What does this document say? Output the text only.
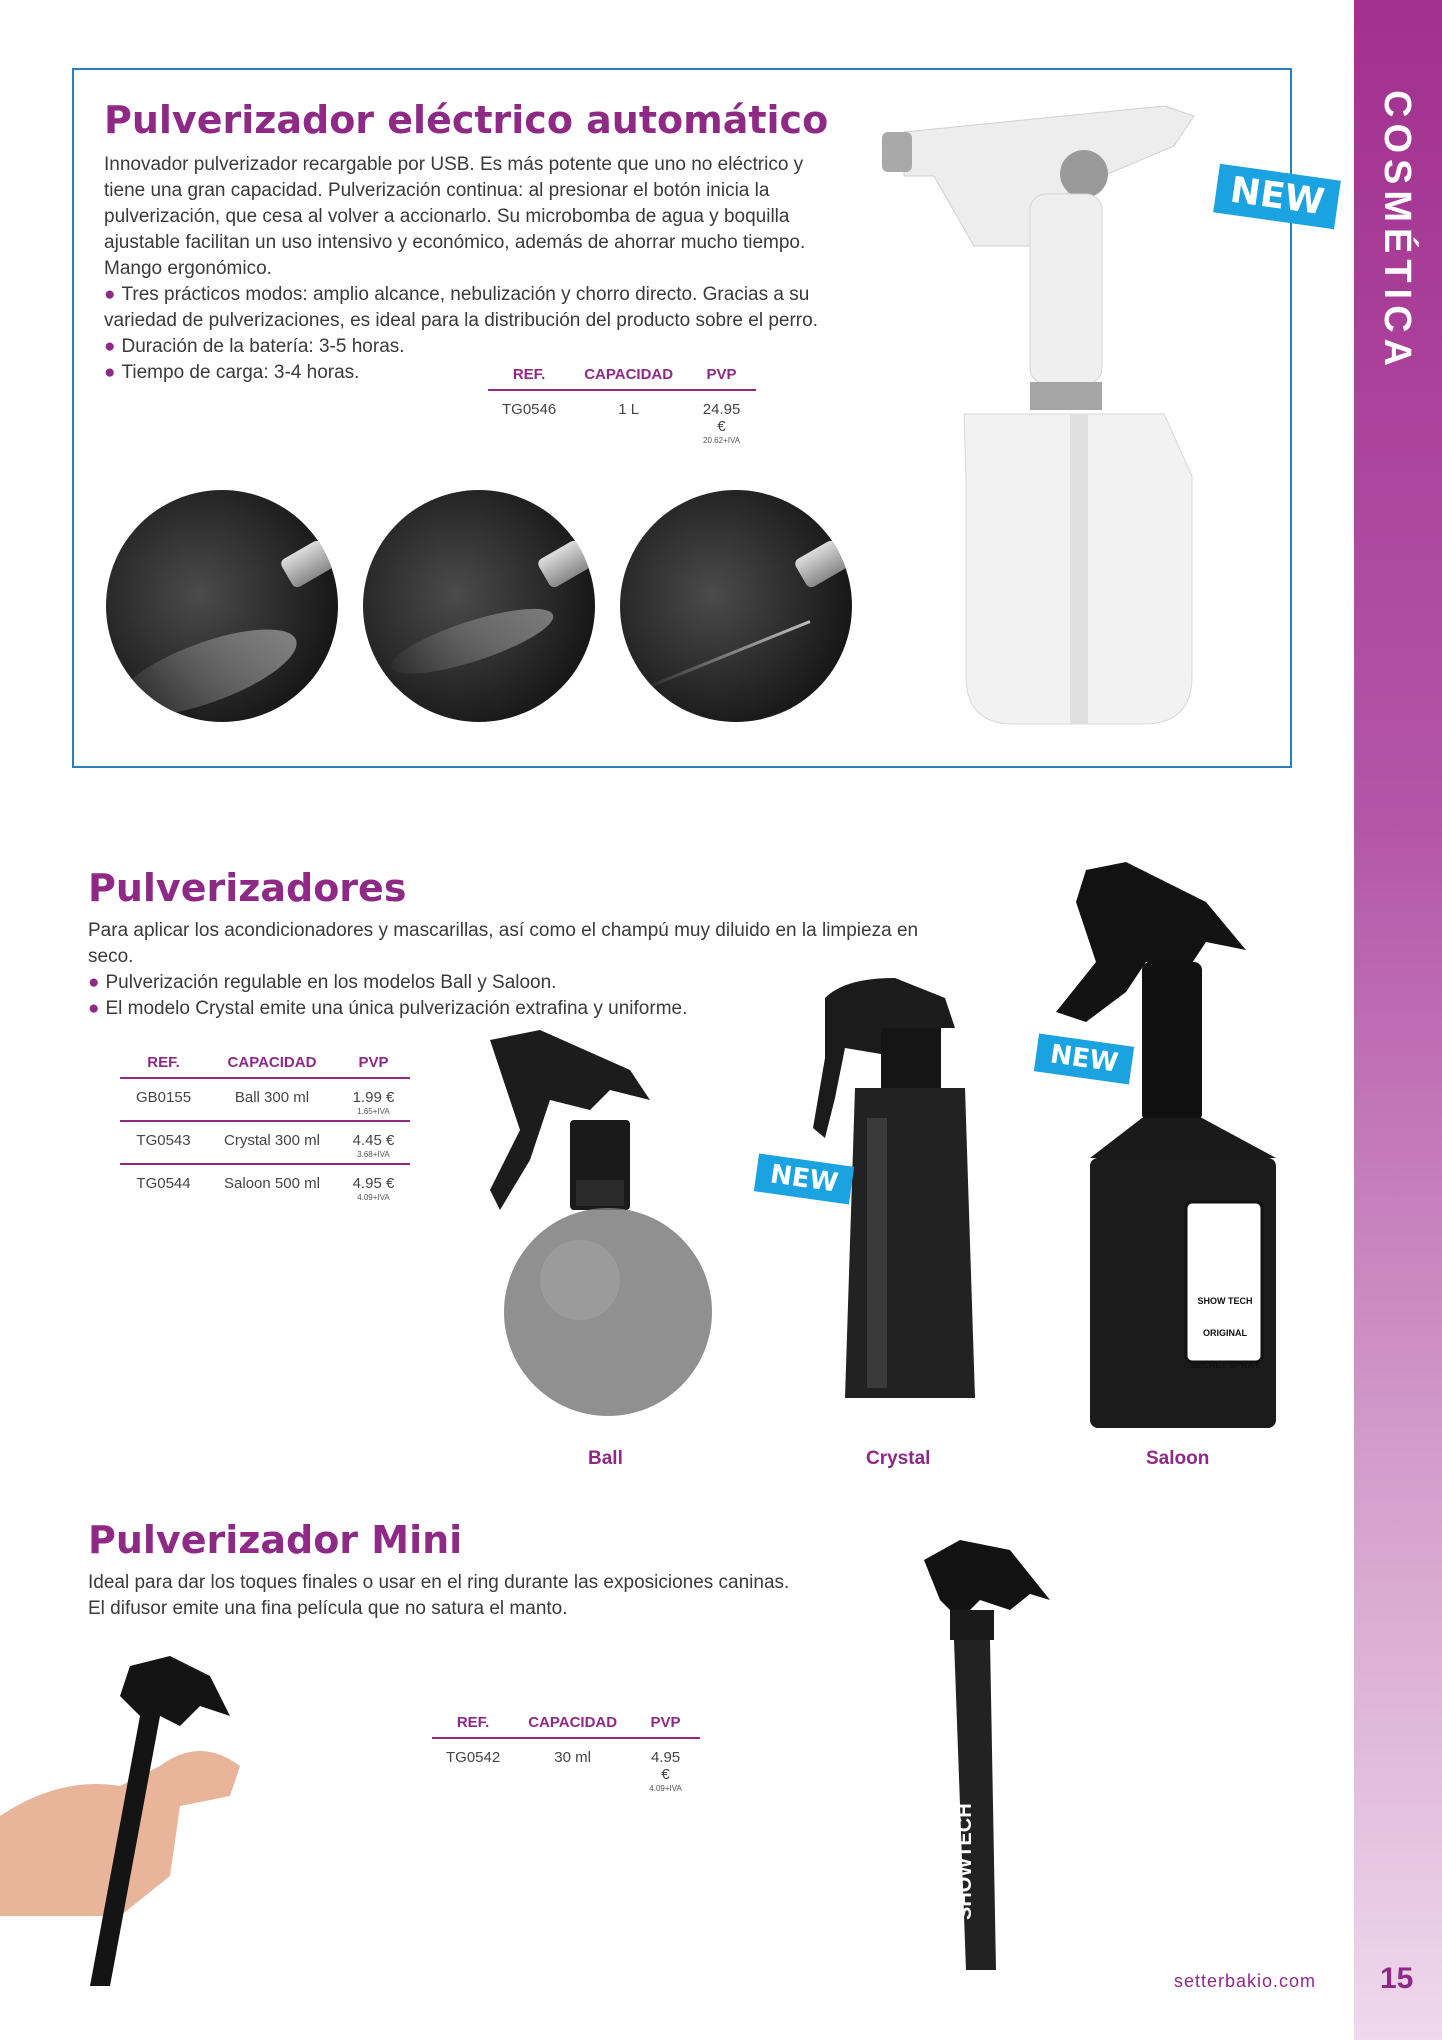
COSMÉTICA
Pulverizador eléctrico automático

Innovador pulverizador recargable por USB. Es más potente que uno no eléctrico y tiene una gran capacidad. Pulverización continua: al presionar el botón inicia la pulverización, que cesa al volver a accionarlo. Su microbomba de agua y boquilla ajustable facilitan un uso intensivo y económico, además de ahorrar mucho tiempo. Mango ergonómico.

● Tres prácticos modos: amplio alcance, nebulización y chorro directo. Gracias a su variedad de pulverizaciones, es ideal para la distribución del producto sobre el perro.

● Duración de la batería: 3-5 horas.

● Tiempo de carga: 3-4 horas.	REF.	CAPACIDAD	PVP
TG0546	1 L	24.95 €
20.62+IVA
NEW
Pulverizadores

Para aplicar los acondicionadores y mascarillas, así como el champú muy diluido en la limpieza en seco.

● Pulverización regulable en los modelos Ball y Saloon.

● El modelo Crystal emite una única pulverización extrafina y uniforme.

REF.	CAPACIDAD	PVP
GB0155	Ball 300 ml	1.99 €
1.65+IVA

TG0543	Crystal 300 ml	4.45 €
3.68+IVA

TG0544	Saloon 500 ml	4.95 €
4.09+IVA
SHOW TECH
ORIGINAL
SECRET SPRAY
NEW
NEW
Ball	Crystal	Saloon
Pulverizador Mini

Ideal para dar los toques finales o usar en el ring durante las exposiciones caninas.

El difusor emite una fina película que no satura el manto.

REF.	CAPACIDAD	PVP
TG0542	30 ml	4.95 €
4.09+IVA
SHOWTECH
setterbakio.com 15
